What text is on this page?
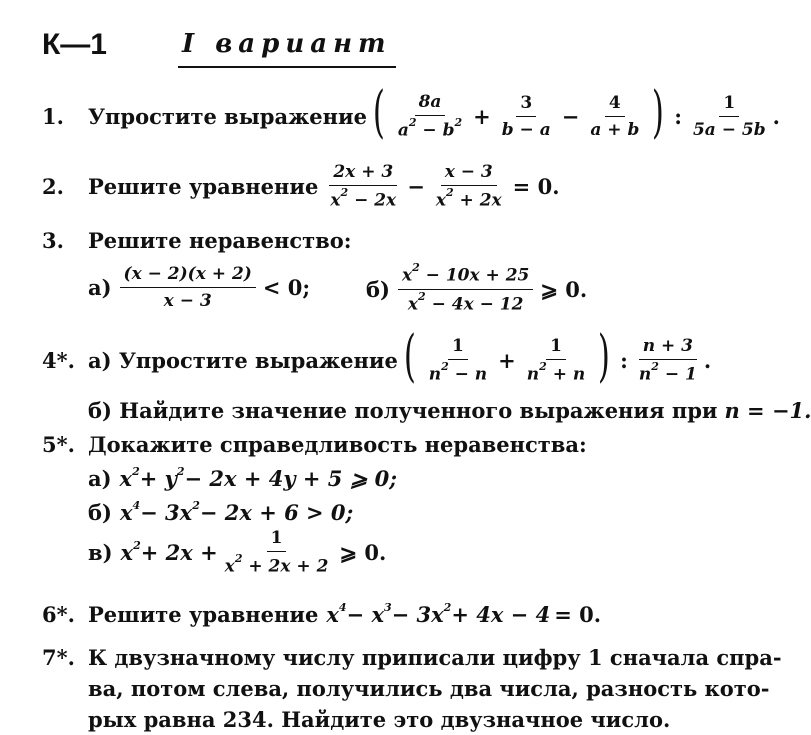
К—1	I вариант
1.	Упростите выражение ( $\frac{8a}{a^2 - b^2} + \frac{3}{b - a} - \frac{4}{a + b}$ ) : $\frac{1}{5a - 5b}$ .
2.	Решите уравнение $\frac{2x + 3}{x^2 - 2x} - \frac{x - 3}{x^2 + 2x} = 0$.
3.	Решите неравенство:
$а) \frac{(x - 2)(x + 2)}{x - 3} < 0$;	$б) \frac{x^2 - 10x + 25}{x^2 - 4x - 12}$ ⩾ 0.
4*. а) Упростите выражение ( $\frac{1}{n^2 - n} + \frac{1}{n^2 + n}$ ) : $\frac{n + 3}{n^2 - 1}$ .
б) Найдите значение полученного выражения при n = −1.
5*. Докажите справедливость неравенства:
а) $x^2+ y^2- 2x + 4y + 5$ ⩾ 0;
б) $x^4- 3x^2- 2x + 6 > 0$;
в) $x^2+ 2x + \frac{1}{x^2 + 2x + 2}$ ⩾ 0.
6*. Решите уравнение $x^4- x^3- 3x^2+ 4x - 4 = 0$.
7*. К двузначному числу приписали цифру 1 сначала спра-
ва, потом слева, получились два числа, разность кото-
рых равна 234. Найдите это двузначное число.
